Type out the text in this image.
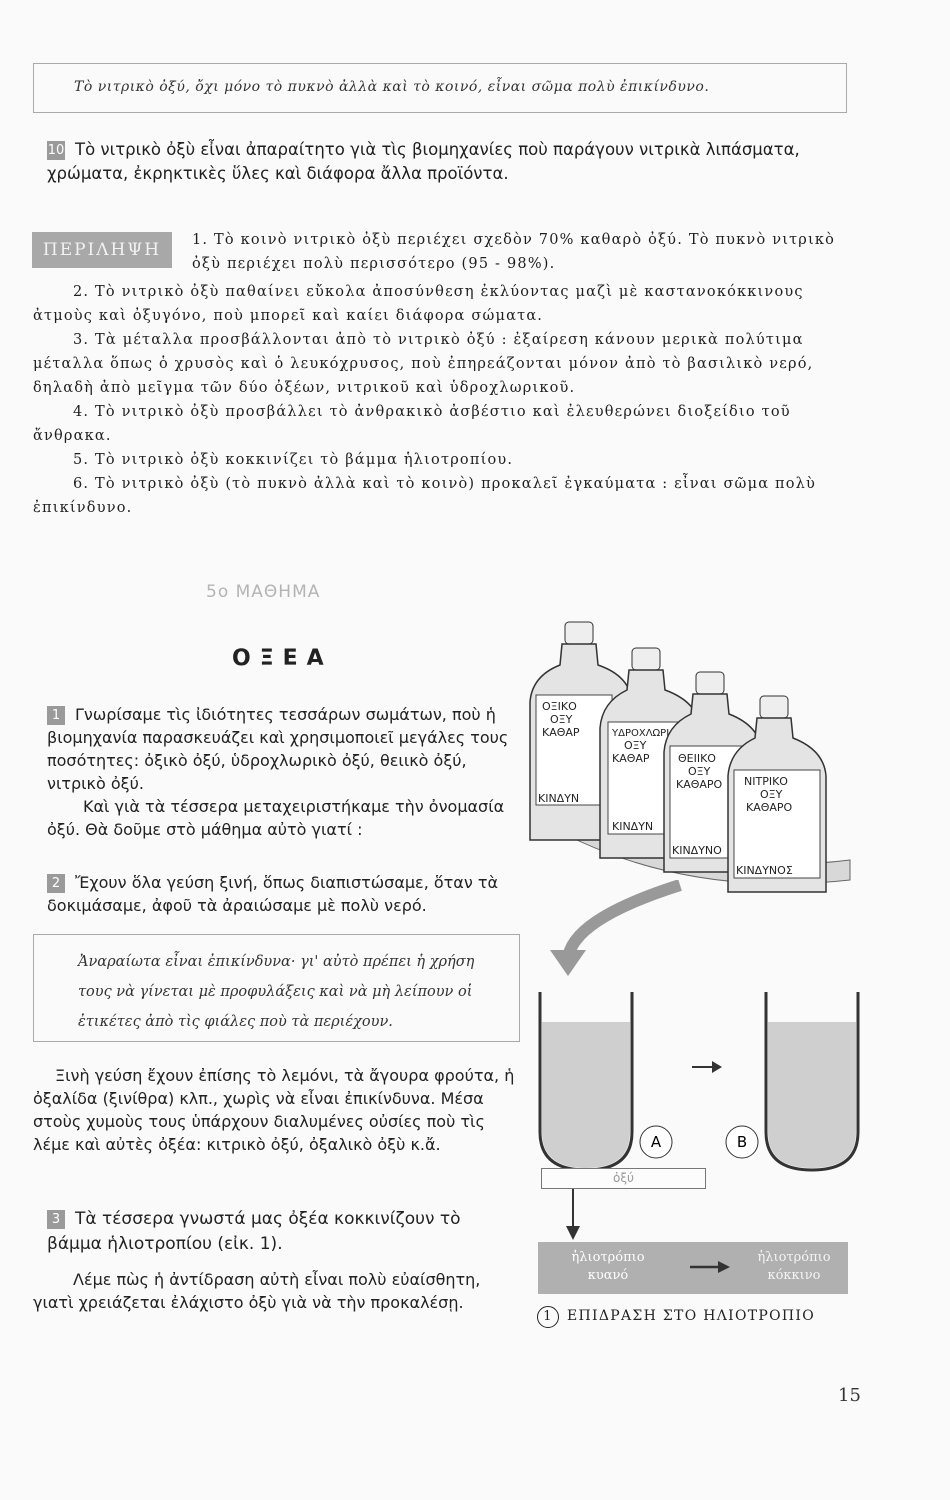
Τὸ νιτρικὸ ὀξύ, ὄχι μόνο τὸ πυκνὸ ἀλλὰ καὶ τὸ κοινό, εἶναι σῶμα πολὺ ἐπικίνδυνο.

10 Τὸ νιτρικὸ ὀξὺ εἶναι ἀπαραίτητο γιὰ τὶς βιομηχανίες ποὺ παράγουν νιτρικὰ λιπάσματα, χρώματα, ἐκρηκτικὲς ὕλες καὶ διάφορα ἄλλα προϊόντα.
ΠΕΡΙΛΗΨΗ	1. Τὸ κοινὸ νιτρικὸ ὀξὺ περιέχει σχεδὸν 70% καθαρὸ ὀξύ. Τὸ πυκνὸ νιτρικὸ ὀξὺ περιέχει πολὺ περισσότερο (95 - 98%).

2. Τὸ νιτρικὸ ὀξὺ παθαίνει εὔκολα ἀποσύνθεση ἐκλύοντας μαζὶ μὲ καστανοκόκκινους ἀτμοὺς καὶ ὀξυγόνο, ποὺ μπορεῖ καὶ καίει διάφορα σώματα.

3. Τὰ μέταλλα προσβάλλονται ἀπὸ τὸ νιτρικὸ ὀξύ : ἐξαίρεση κάνουν μερικὰ πολύτιμα μέταλλα ὅπως ὁ χρυσὸς καὶ ὁ λευκόχρυσος, ποὺ ἐπηρεάζονται μόνον ἀπὸ τὸ βασιλικὸ νερό, δηλαδὴ ἀπὸ μεῖγμα τῶν δύο ὀξέων, νιτρικοῦ καὶ ὑδροχλωρικοῦ.

4. Τὸ νιτρικὸ ὀξὺ προσβάλλει τὸ ἀνθρακικὸ ἀσβέστιο καὶ ἐλευθερώνει διοξείδιο τοῦ ἄνθρακα.

5. Τὸ νιτρικὸ ὀξὺ κοκκινίζει τὸ βάμμα ἡλιοτροπίου.

6. Τὸ νιτρικὸ ὀξὺ (τὸ πυκνὸ ἀλλὰ καὶ τὸ κοινὸ) προκαλεῖ ἐγκαύματα : εἶναι σῶμα πολὺ ἐπικίνδυνο.

5ο ΜΑΘΗΜΑ
ΟΞΕΑ

1 Γνωρίσαμε τὶς ἰδιότητες τεσσάρων σωμάτων, ποὺ ἡ βιομηχανία παρασκευάζει καὶ χρησιμοποιεῖ μεγάλες τους ποσότητες: ὀξικὸ ὀξύ, ὑδροχλωρικὸ ὀξύ, θειικὸ ὀξύ, νιτρικὸ ὀξύ.

Καὶ γιὰ τὰ τέσσερα μεταχειριστήκαμε τὴν ὀνομασία ὀξύ. Θὰ δοῦμε στὸ μάθημα αὐτὸ γιατί :

2 Ἔχουν ὅλα γεύση ξινή, ὅπως διαπιστώσαμε, ὅταν τὰ δοκιμάσαμε, ἀφοῦ τὰ ἀραιώσαμε μὲ πολὺ νερό.

Ἀναραίωτα εἶναι ἐπικίνδυνα· γι' αὐτὸ πρέπει ἡ χρήση τους νὰ γίνεται μὲ προφυλάξεις καὶ νὰ μὴ λείπουν οἱ ἐτικέτες ἀπὸ τὶς φιάλες ποὺ τὰ περιέχουν.

Ξινὴ γεύση ἔχουν ἐπίσης τὸ λεμόνι, τὰ ἄγουρα φρούτα, ἡ ὀξαλίδα (ξινίθρα) κλπ., χωρὶς νὰ εἶναι ἐπικίνδυνα. Μέσα στοὺς χυμοὺς τους ὑπάρχουν διαλυμένες οὐσίες ποὺ τὶς λέμε καὶ αὐτὲς ὀξέα: κιτρικὸ ὀξύ, ὀξαλικὸ ὀξὺ κ.ἄ.

3 Τὰ τέσσερα γνωστά μας ὀξέα κοκκινίζουν τὸ βάμμα ἡλιοτροπίου (εἰκ. 1).

Λέμε πὼς ἡ ἀντίδραση αὐτὴ εἶναι πολὺ εὐαίσθητη, γιατὶ χρειάζεται ἐλάχιστο ὀξὺ γιὰ νὰ τὴν προκαλέσῃ.

ΟΞΙΚΟ
ΟΞΥ
ΚΑΘΑΡ
ΚΙΝΔΥΝ
ΥΔΡΟΧΛΩΡΙ
ΟΞΥ
ΚΑΘΑΡ
ΚΙΝΔΥΝ
ΘΕΙΙΚΟ
ΟΞΥ
ΚΑΘΑΡΟ
ΚΙΝΔΥΝΟ
ΝΙΤΡΙΚΟ
ΟΞΥ
ΚΑΘΑΡΟ
ΚΙΝΔΥΝΟΣ
A	B
ὀξύ
ἡλιοτρόπιο
κυανό
ἡλιοτρόπιο
κόκκινο
1 ΕΠΙΔΡΑΣΗ ΣΤΟ ΗΛΙΟΤΡΟΠΙΟ
15
